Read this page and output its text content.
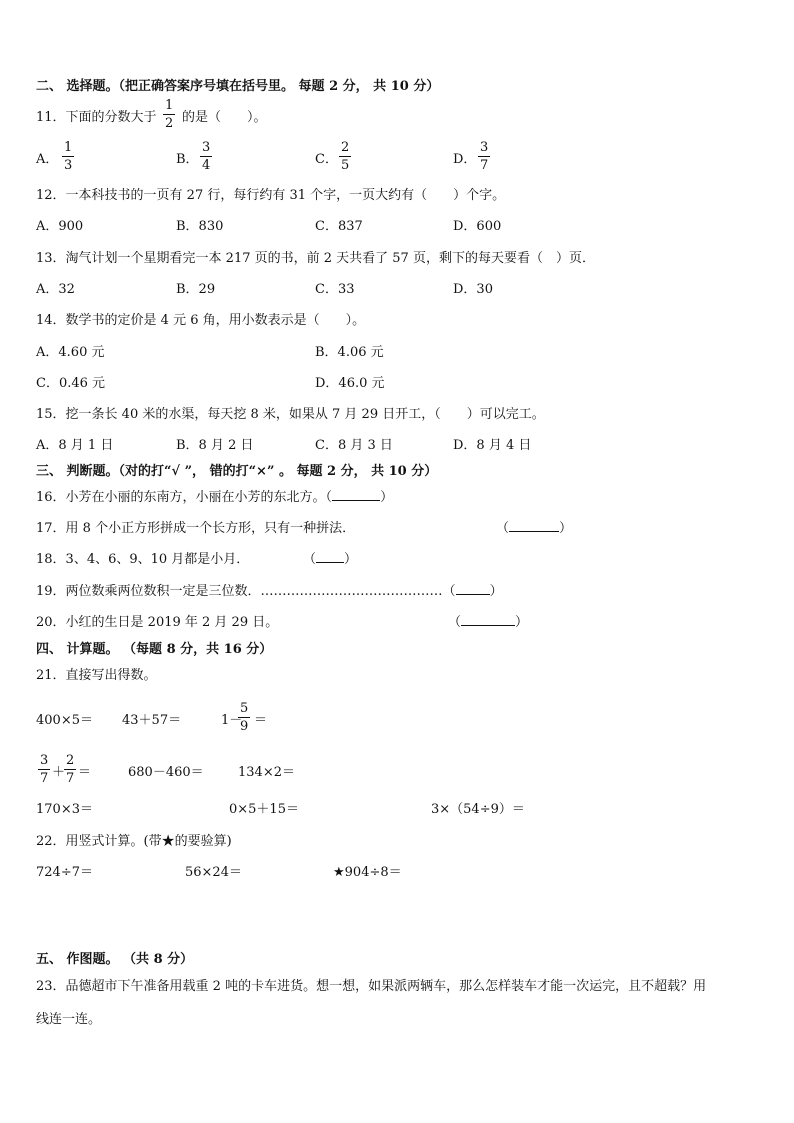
二、 选择题。（把正确答案序号填在括号里。 每题 2 分， 共 10 分）
11．下面的分数大于
1
2 的是（　　）。
A．
1
3	B．
3
4	C．
2
5	D．
3
7
12．一本科技书的一页有 27 行，每行约有 31 个字，一页大约有（　　）个字。
A．900	B．830	C．837	D．600
13．淘气计划一个星期看完一本 217 页的书，前 2 天共看了 57 页，剩下的每天要看（　）页．
A．32	B．29	C．33	D．30
14．数学书的定价是 4 元 6 角，用小数表示是（　　）。
A．4.60 元	B．4.06 元
C．0.46 元	D．46.0 元
15．挖一条长 40 米的水渠，每天挖 8 米，如果从 7 月 29 日开工，（　　）可以完工。
A．8 月 1 日	B．8 月 2 日	C．8 月 3 日	D．8 月 4 日
三、 判断题。（对的打“√ ”， 错的打“×” 。 每题 2 分， 共 10 分）
16．小芳在小丽的东南方，小丽在小芳的东北方。（	）
17．用 8 个小正方形拼成一个长方形，只有一种拼法．	（	）
18．3、4、6、9、10 月都是小月．	（ ）
19．两位数乘两位数积一定是三位数．……………………………………（	）
20．小红的生日是 2019 年 2 月 29 日。	（	）
四、 计算题。 （每题 8 分，共 16 分）
21．直接写出得数。
400×5＝ 43＋57＝	1－
5
9 ＝
3
7 ＋
2
7 ＝	680－460＝	134×2＝
170×3＝	0×5＋15＝	3×（54÷9）＝
22．用竖式计算。(带★的要验算)
724÷7＝	56×24＝	★904÷8＝
五、 作图题。 （共 8 分）
23．品德超市下午准备用载重 2 吨的卡车进货。想一想，如果派两辆车，那么怎样装车才能一次运完，且不超载？用
线连一连。
